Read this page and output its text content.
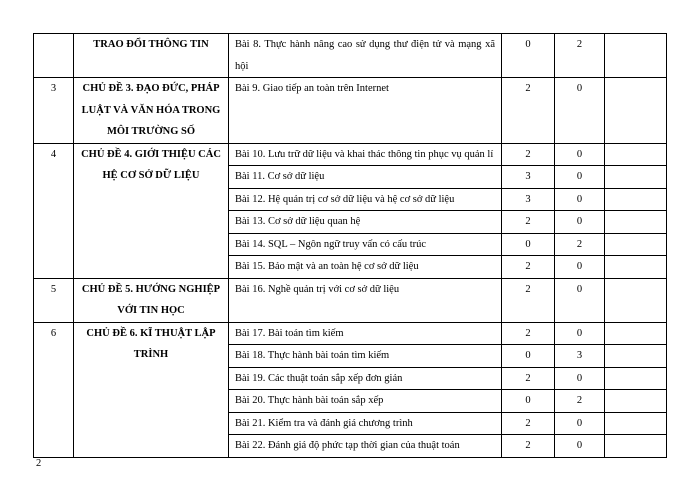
	TRAO ĐỔI THÔNG TIN	Bài 8. Thực hành nâng cao sử dụng thư điện tử và mạng xã hội	0	2	
3	CHỦ ĐỀ 3. ĐẠO ĐỨC, PHÁP LUẬT VÀ VĂN HÓA TRONG MÔI TRƯỜNG SỐ	Bài 9. Giao tiếp an toàn trên Internet	2	0	
4	CHỦ ĐỀ 4. GIỚI THIỆU CÁC HỆ CƠ SỞ DỮ LIỆU	Bài 10. Lưu trữ dữ liệu và khai thác thông tin phục vụ quản lí	2	0	
		Bài 11. Cơ sở dữ liệu	3	0	
		Bài 12. Hệ quản trị cơ sở dữ liệu và hệ cơ sở dữ liệu	3	0	
		Bài 13. Cơ sở dữ liệu quan hệ	2	0	
		Bài 14. SQL – Ngôn ngữ truy vấn có cấu trúc	0	2	
		Bài 15. Bảo mật và an toàn hệ cơ sở dữ liệu	2	0	
5	CHỦ ĐỀ 5. HƯỚNG NGHIỆP VỚI TIN HỌC	Bài 16. Nghề quản trị với cơ sở dữ liệu	2	0	
6	CHỦ ĐỀ 6. KĨ THUẬT LẬP TRÌNH	Bài 17. Bài toán tìm kiếm	2	0	
		Bài 18. Thực hành bài toán tìm kiếm	0	3	
		Bài 19. Các thuật toán sắp xếp đơn giản	2	0	
		Bài 20. Thực hành bài toán sắp xếp	0	2	
		Bài 21. Kiểm tra và đánh giá chương trình	2	0	
		Bài 22. Đánh giá độ phức tạp thời gian của thuật toán	2	0	
2
